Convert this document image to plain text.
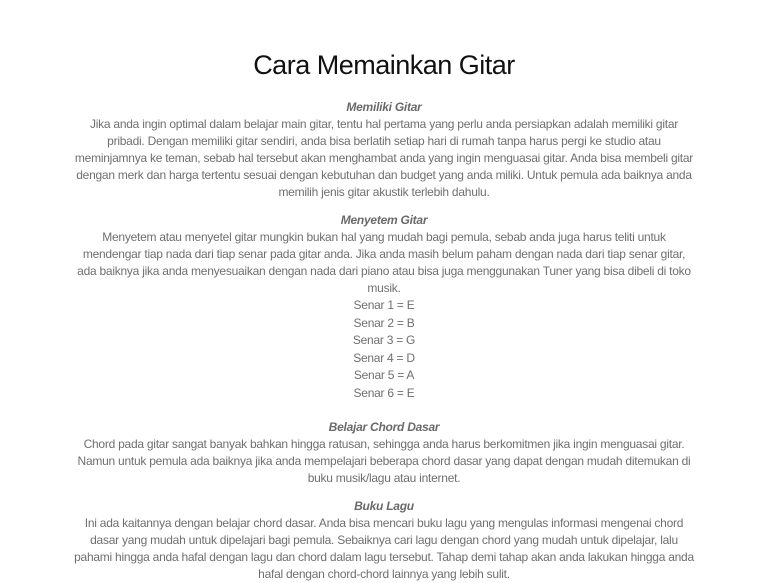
Cara Memainkan Gitar
Memiliki Gitar
Jika anda ingin optimal dalam belajar main gitar, tentu hal pertama yang perlu anda persiapkan adalah memiliki gitar
pribadi. Dengan memiliki gitar sendiri, anda bisa berlatih setiap hari di rumah tanpa harus pergi ke studio atau
meminjamnya ke teman, sebab hal tersebut akan menghambat anda yang ingin menguasai gitar. Anda bisa membeli gitar
dengan merk dan harga tertentu sesuai dengan kebutuhan dan budget yang anda miliki. Untuk pemula ada baiknya anda
memilih jenis gitar akustik terlebih dahulu.
Menyetem Gitar
Menyetem atau menyetel gitar mungkin bukan hal yang mudah bagi pemula, sebab anda juga harus teliti untuk
mendengar tiap nada dari tiap senar pada gitar anda. Jika anda masih belum paham dengan nada dari tiap senar gitar,
ada baiknya jika anda menyesuaikan dengan nada dari piano atau bisa juga menggunakan Tuner yang bisa dibeli di toko
musik.
Senar 1 = E
Senar 2 = B
Senar 3 = G
Senar 4 = D
Senar 5 = A
Senar 6 = E
Belajar Chord Dasar
Chord pada gitar sangat banyak bahkan hingga ratusan, sehingga anda harus berkomitmen jika ingin menguasai gitar.
Namun untuk pemula ada baiknya jika anda mempelajari beberapa chord dasar yang dapat dengan mudah ditemukan di
buku musik/lagu atau internet.
Buku Lagu
Ini ada kaitannya dengan belajar chord dasar. Anda bisa mencari buku lagu yang mengulas informasi mengenai chord
dasar yang mudah untuk dipelajari bagi pemula. Sebaiknya cari lagu dengan chord yang mudah untuk dipelajar, lalu
pahami hingga anda hafal dengan lagu dan chord dalam lagu tersebut. Tahap demi tahap akan anda lakukan hingga anda
hafal dengan chord-chord lainnya yang lebih sulit.
